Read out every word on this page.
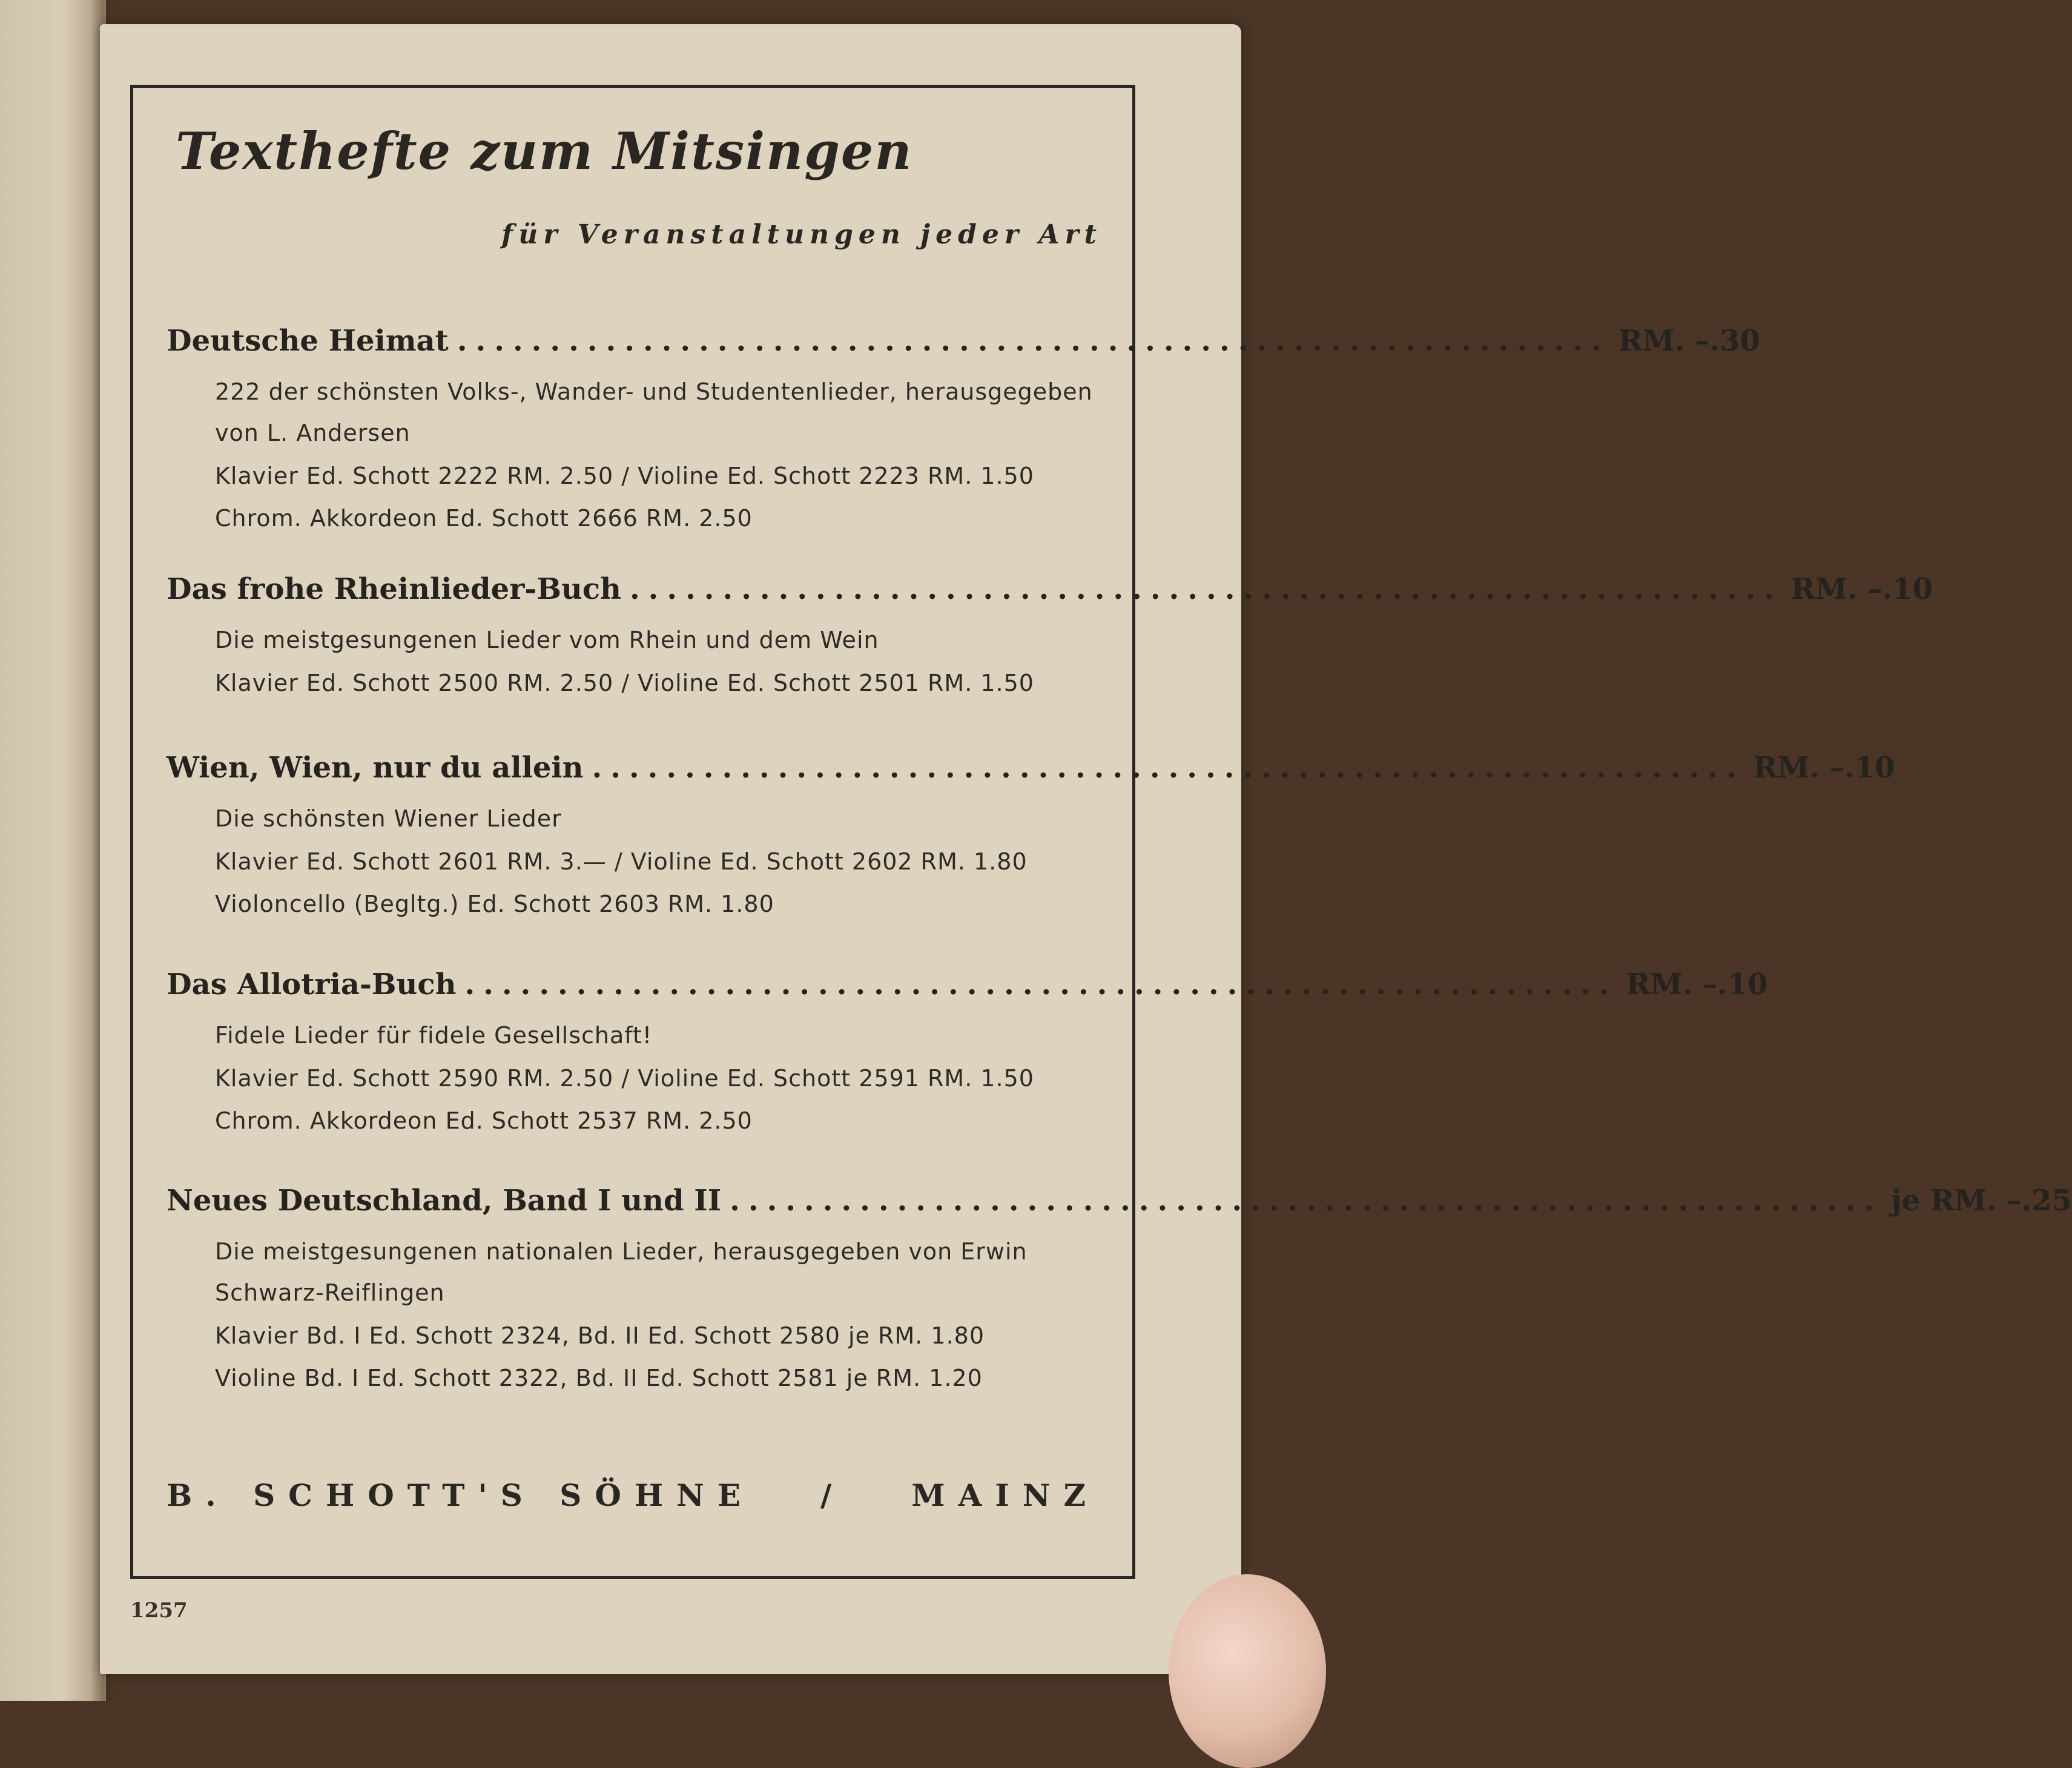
Texthefte zum Mitsingen
für Veranstaltungen jeder Art
Deutsche Heimat .............................................................. RM. –.30
222 der schönsten Volks-, Wander- und Studentenlieder, herausgegeben von L. Andersen
Klavier Ed. Schott 2222 RM. 2.50 / Violine Ed. Schott 2223 RM. 1.50
Chrom. Akkordeon Ed. Schott 2666 RM. 2.50
Das frohe Rheinlieder-Buch .............................................................. RM. –.10
Die meistgesungenen Lieder vom Rhein und dem Wein
Klavier Ed. Schott 2500 RM. 2.50 / Violine Ed. Schott 2501 RM. 1.50
Wien, Wien, nur du allein .............................................................. RM. –.10
Die schönsten Wiener Lieder
Klavier Ed. Schott 2601 RM. 3.— / Violine Ed. Schott 2602 RM. 1.80
Violoncello (Begltg.) Ed. Schott 2603 RM. 1.80
Das Allotria-Buch .............................................................. RM. –.10
Fidele Lieder für fidele Gesellschaft!
Klavier Ed. Schott 2590 RM. 2.50 / Violine Ed. Schott 2591 RM. 1.50
Chrom. Akkordeon Ed. Schott 2537 RM. 2.50
Neues Deutschland, Band I und II .............................................................. je RM. –.25
Die meistgesungenen nationalen Lieder, herausgegeben von Erwin Schwarz-Reiflingen
Klavier Bd. I Ed. Schott 2324, Bd. II Ed. Schott 2580 je RM. 1.80
Violine Bd. I Ed. Schott 2322, Bd. II Ed. Schott 2581 je RM. 1.20
B. SCHOTT'S SÖHNE / MAINZ
1257
